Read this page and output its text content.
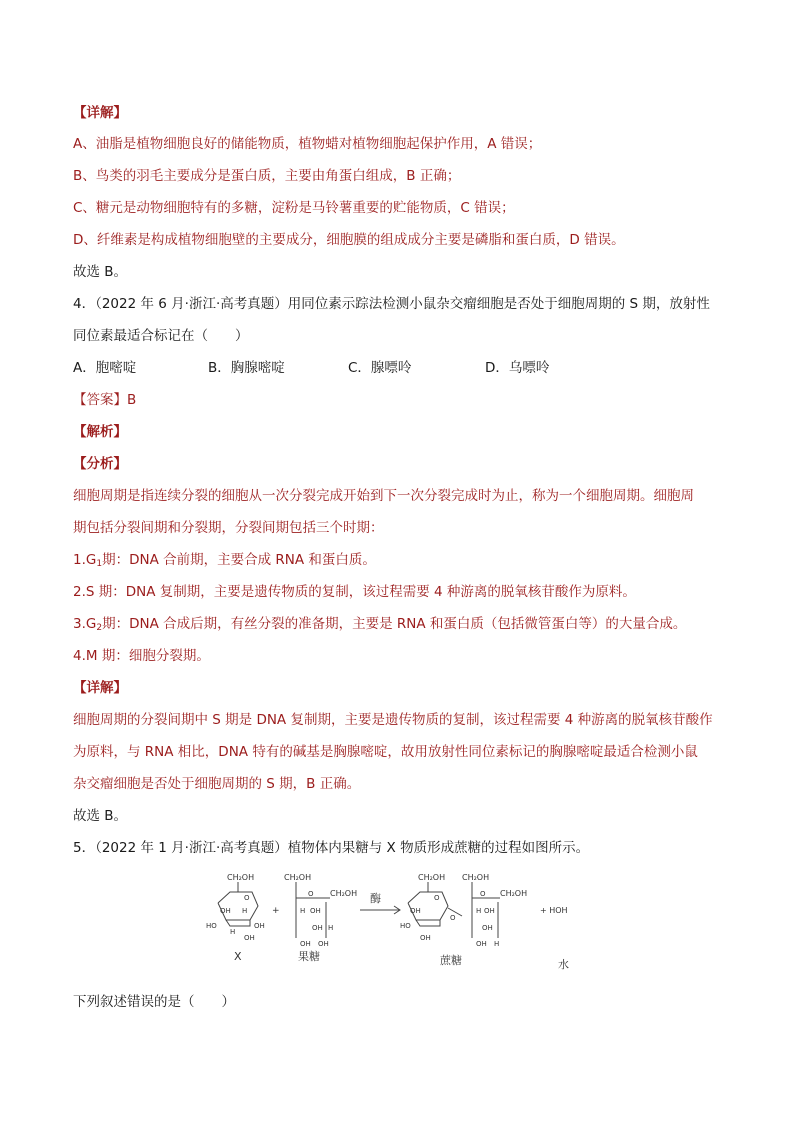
【详解】
A、油脂是植物细胞良好的储能物质，植物蜡对植物细胞起保护作用，A 错误；
B、鸟类的羽毛主要成分是蛋白质，主要由角蛋白组成，B 正确；
C、糖元是动物细胞特有的多糖，淀粉是马铃薯重要的贮能物质，C 错误；
D、纤维素是构成植物细胞壁的主要成分，细胞膜的组成成分主要是磷脂和蛋白质，D 错误。
故选 B。
4．（2022 年 6 月·浙江·高考真题）用同位素示踪法检测小鼠杂交瘤细胞是否处于细胞周期的 S 期，放射性
同位素最适合标记在（　　）
A．胞嘧啶	B．胸腺嘧啶	C．腺嘌呤	D．乌嘌呤
【答案】B
【解析】
【分析】
细胞周期是指连续分裂的细胞从一次分裂完成开始到下一次分裂完成时为止，称为一个细胞周期。细胞周
期包括分裂间期和分裂期，分裂间期包括三个时期：
$1.G_1$期：DNA 合前期，主要合成 RNA 和蛋白质。
2.S 期：DNA 复制期，主要是遗传物质的复制，该过程需要 4 种游离的脱氧核苷酸作为原料。
$3.G_2$期：DNA 合成后期，有丝分裂的准备期，主要是 RNA 和蛋白质（包括微管蛋白等）的大量合成。
4.M 期：细胞分裂期。
【详解】
细胞周期的分裂间期中 S 期是 DNA 复制期，主要是遗传物质的复制，该过程需要 4 种游离的脱氧核苷酸作
为原料，与 RNA 相比，DNA 特有的碱基是胸腺嘧啶，故用放射性同位素标记的胸腺嘧啶最适合检测小鼠
杂交瘤细胞是否处于细胞周期的 S 期，B 正确。
故选 B。
5．（2022 年 1 月·浙江·高考真题）植物体内果糖与 X 物质形成蔗糖的过程如图所示。
CH₂OH
O
OH H
HO	OH
H
OH
X
+
CH₂OH
O CH₂OH
H OH
OH H
OH OH
果糖
酶
CH₂OH
O
OH
HO
OH
O
CH₂OH
O CH₂OH
H OH
OH
OH H
蔗糖
+ HOH
水
下列叙述错误的是（　　）
